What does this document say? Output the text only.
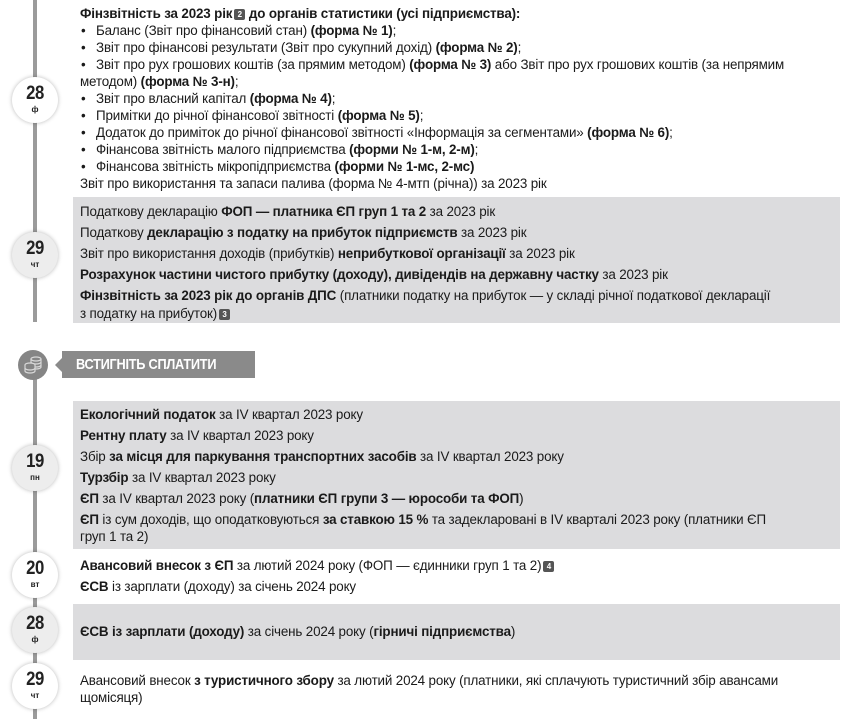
28
ф
Фінзвітність за 2023 рік 2 до органів статистики (усі підприємства):
• Баланс (Звіт про фінансовий стан) (форма № 1);
• Звіт про фінансові результати (Звіт про сукупний дохід) (форма № 2);
• Звіт про рух грошових коштів (за прямим методом) (форма № 3) або Звіт про рух грошових коштів (за непрямим
методом) (форма № 3-н);
• Звіт про власний капітал (форма № 4);
• Примітки до річної фінансової звітності (форма № 5);
• Додаток до приміток до річної фінансової звітності «Інформація за сегментами» (форма № 6);
• Фінансова звітність малого підприємства (форми № 1-м, 2-м);
• Фінансова звітність мікропідприємства (форми № 1-мс, 2-мс)
Звіт про використання та запаси палива (форма № 4-мтп (річна)) за 2023 рік
29
чт
Податкову декларацію ФОП — платника ЄП груп 1 та 2 за 2023 рік
Податкову декларацію з податку на прибуток підприємств за 2023 рік
Звіт про використання доходів (прибутків) неприбуткової організації за 2023 рік
Розрахунок частини чистого прибутку (доходу), дивідендів на державну частку за 2023 рік
Фінзвітність за 2023 рік до органів ДПС (платники податку на прибуток — у складі річної податкової декларації
з податку на прибуток) 3
ВСТИГНІТЬ СПЛАТИТИ
19
пн
Екологічний податок за IV квартал 2023 року
Рентну плату за IV квартал 2023 року
Збір за місця для паркування транспортних засобів за IV квартал 2023 року
Турзбір за IV квартал 2023 року
ЄП за IV квартал 2023 року (платники ЄП групи 3 — юрособи та ФОП)
ЄП із сум доходів, що оподатковуються за ставкою 15 % та задекларовані в IV кварталі 2023 року (платники ЄП
груп 1 та 2)
20
вт
Авансовий внесок з ЄП за лютий 2024 року (ФОП — єдинники груп 1 та 2) 4
ЄСВ із зарплати (доходу) за січень 2024 року
28
ф
ЄСВ із зарплати (доходу) за січень 2024 року (гірничі підприємства)
29
чт
Авансовий внесок з туристичного збору за лютий 2024 року (платники, які сплачують туристичний збір авансами
щомісяця)
